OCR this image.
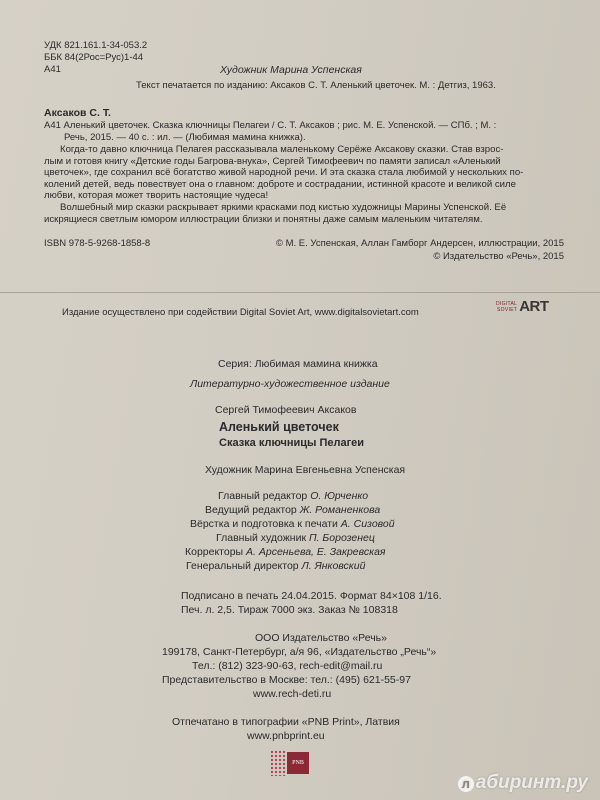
УДК 821.161.1-34-053.2
ББК 84(2Рос=Рус)1-44
А41	Художник Марина Успенская
Текст печатается по изданию: Аксаков С. Т. Аленький цветочек. М. : Детгиз, 1963.
Аксаков С. Т.
А41 Аленький цветочек. Сказка ключницы Пелагеи / С. Т. Аксаков ; рис. М. Е. Успенской. — СПб. ; М. :
Речь, 2015. — 40 с. : ил. — (Любимая мамина книжка).

Когда-то давно ключница Пелагея рассказывала маленькому Серёже Аксакову сказки. Став взрос-

лым и готовя книгу «Детские годы Багрова-внука», Сергей Тимофеевич по памяти записал «Аленький

цветочек», где сохранил всё богатство живой народной речи. И эта сказка стала любимой у нескольких по-

колений детей, ведь повествует она о главном: доброте и сострадании, истинной красоте и великой силе

любви, которая может творить настоящие чудеса!

Волшебный мир сказки раскрывает яркими красками под кистью художницы Марины Успенской. Её

искрящиеся светлым юмором иллюстрации близки и понятны даже самым маленьким читателям.

ISBN 978-5-9268-1858-8	© М. Е. Успенская, Аллан Гамборг Андерсен, иллюстрации, 2015
© Издательство «Речь», 2015
Издание осуществлено при содействии Digital Soviet Art, www.digitalsovietart.com
DIGITAL
SOVIET ART
Серия: Любимая мамина книжка
Литературно-художественное издание
Сергей Тимофеевич Аксаков
Аленький цветочек
Сказка ключницы Пелагеи
Художник Марина Евгеньевна Успенская
Главный редактор О. Юрченко
Ведущий редактор Ж. Романенкова
Вёрстка и подготовка к печати А. Сизовой
Главный художник П. Борозенец
Корректоры А. Арсеньева, Е. Закревская
Генеральный директор Л. Янковский
Подписано в печать 24.04.2015. Формат 84×108 1/16.
Печ. л. 2,5. Тираж 7000 экз. Заказ № 108318
ООО Издательство «Речь»
199178, Санкт-Петербург, а/я 96, «Издательство „Речь“»
Тел.: (812) 323-90-63, rech-edit@mail.ru
Представительство в Москве: тел.: (495) 621-55-97
www.rech-deti.ru
Отпечатано в типографии «PNB Print», Латвия
www.pnbprint.eu
PNB
л абиринт.ру
